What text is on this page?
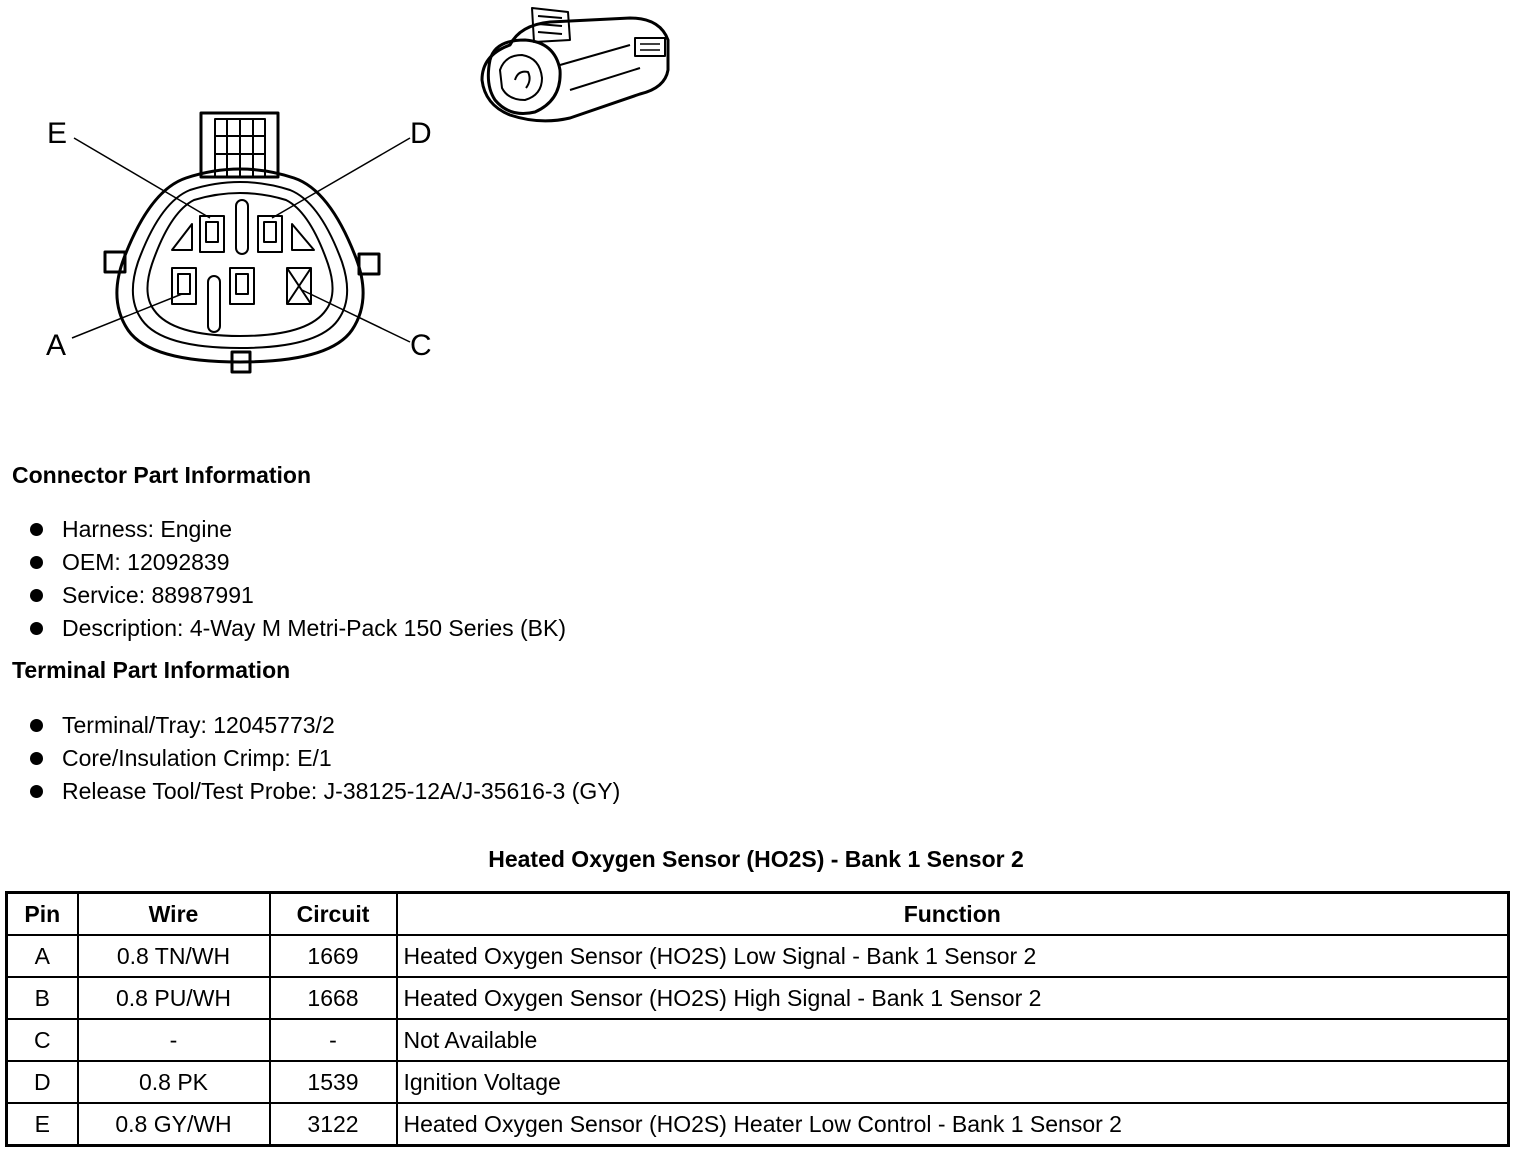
E	D
A	C
Connector Part Information
Harness: Engine
OEM: 12092839
Service: 88987991
Description: 4-Way M Metri-Pack 150 Series (BK)
Terminal Part Information
Terminal/Tray: 12045773/2
Core/Insulation Crimp: E/1
Release Tool/Test Probe: J-38125-12A/J-35616-3 (GY)
Heated Oxygen Sensor (HO2S) - Bank 1 Sensor 2
Pin	Wire	Circuit	Function
A	0.8 TN/WH	1669	Heated Oxygen Sensor (HO2S) Low Signal - Bank 1 Sensor 2
B	0.8 PU/WH	1668	Heated Oxygen Sensor (HO2S) High Signal - Bank 1 Sensor 2
C	-	-	Not Available
D	0.8 PK	1539	Ignition Voltage
E	0.8 GY/WH	3122	Heated Oxygen Sensor (HO2S) Heater Low Control - Bank 1 Sensor 2
